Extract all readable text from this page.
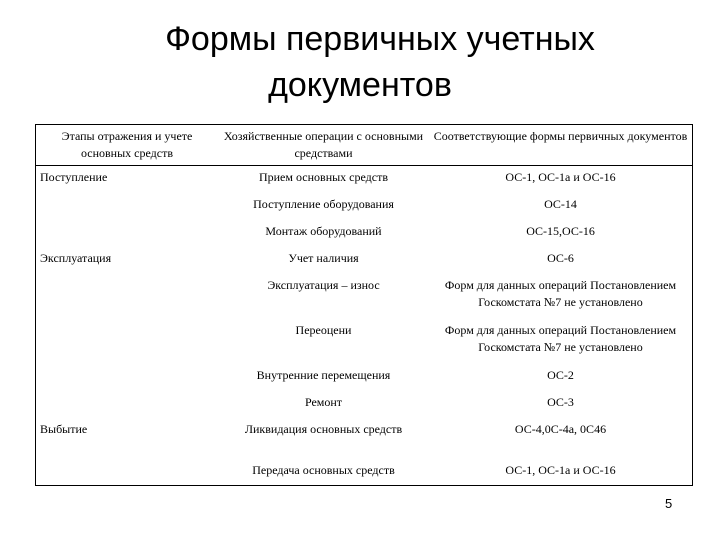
Формы первичных учетных
документов
Этапы отражения и учете основных средств	Хозяйственные операции с основными средствами	Соответствующие формы первичных документов
Поступление	Прием основных средств	ОС-1, ОС-1а и ОС-16
	Поступление оборудования	ОС-14
	Монтаж оборудований	ОС-15,ОС-16
Эксплуатация	Учет наличия	ОС-6
	Эксплуатация – износ	Форм для данных операций Постановлением Госкомстата №7 не установлено
	Переоцени	Форм для данных операций Постановлением Госкомстата №7 не установлено
	Внутренние перемещения	ОС-2
	Ремонт	ОС-3
Выбытие	Ликвидация основных средств	ОС-4,0С-4а, 0С46
	Передача основных средств	ОС-1, ОС-1а и ОС-16
5
